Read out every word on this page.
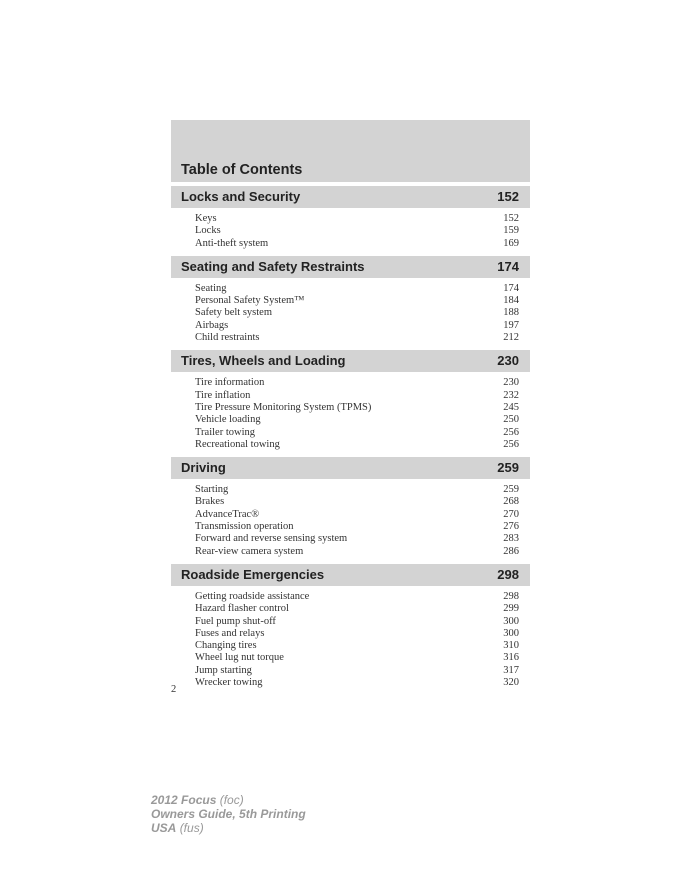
Table of Contents
Locks and Security	152
Keys	152
Locks	159
Anti-theft system	169
Seating and Safety Restraints	174
Seating	174
Personal Safety System™	184
Safety belt system	188
Airbags	197
Child restraints	212
Tires, Wheels and Loading	230
Tire information	230
Tire inflation	232
Tire Pressure Monitoring System (TPMS)	245
Vehicle loading	250
Trailer towing	256
Recreational towing	256
Driving	259
Starting	259
Brakes	268
AdvanceTrac®	270
Transmission operation	276
Forward and reverse sensing system	283
Rear-view camera system	286
Roadside Emergencies	298
Getting roadside assistance	298
Hazard flasher control	299
Fuel pump shut-off	300
Fuses and relays	300
Changing tires	310
Wheel lug nut torque	316
Jump starting	317
Wrecker towing	320
2
2012 Focus (foc)
Owners Guide, 5th Printing
USA (fus)
